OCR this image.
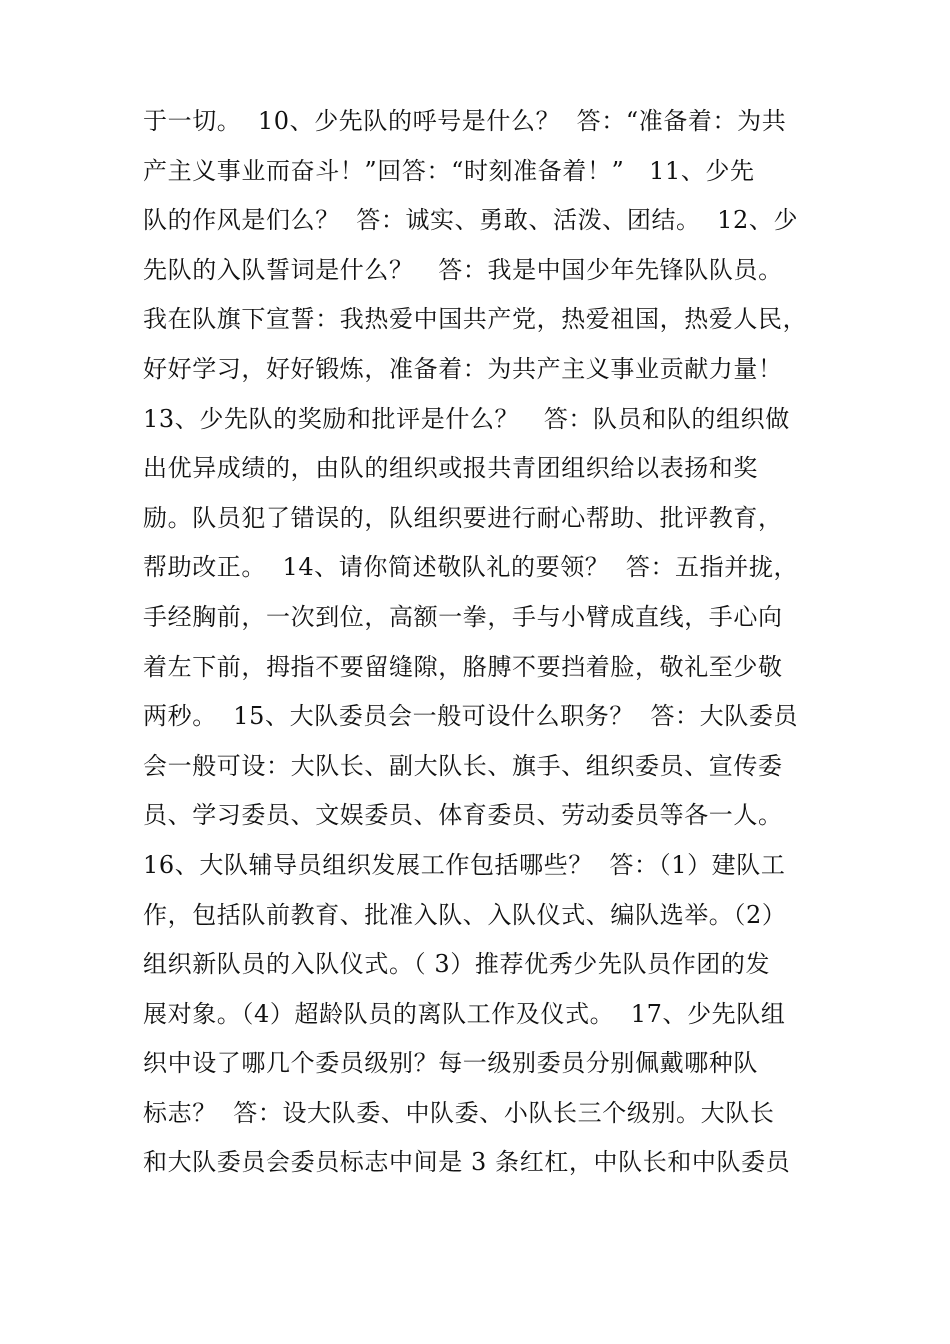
于一切。  10、少先队的呼号是什么？  答：“准备着：为共
产主义事业而奋斗！”回答：“时刻准备着！”   11、少先
队的作风是们么？  答：诚实、勇敢、活泼、团结。  12、少
先队的入队誓词是什么？   答：我是中国少年先锋队队员。
我在队旗下宣誓：我热爱中国共产党，热爱祖国，热爱人民，
好好学习，好好锻炼，准备着：为共产主义事业贡献力量！
13、少先队的奖励和批评是什么？   答：队员和队的组织做
出优异成绩的，由队的组织或报共青团组织给以表扬和奖
励。队员犯了错误的，队组织要进行耐心帮助、批评教育，
帮助改正。  14、请你简述敬队礼的要领？  答：五指并拢，
手经胸前，一次到位，高额一拳，手与小臂成直线，手心向
着左下前，拇指不要留缝隙，胳膊不要挡着脸，敬礼至少敬
两秒。  15、大队委员会一般可设什么职务？  答：大队委员
会一般可设：大队长、副大队长、旗手、组织委员、宣传委
员、学习委员、文娱委员、体育委员、劳动委员等各一人。
16、大队辅导员组织发展工作包括哪些？  答：（1）建队工
作，包括队前教育、批准入队、入队仪式、编队选举。（2）
组织新队员的入队仪式。（ 3）推荐优秀少先队员作团的发
展对象。（4）超龄队员的离队工作及仪式。  17、少先队组
织中设了哪几个委员级别？每一级别委员分别佩戴哪种队
标志？  答：设大队委、中队委、小队长三个级别。大队长
和大队委员会委员标志中间是 3 条红杠，中队长和中队委员
